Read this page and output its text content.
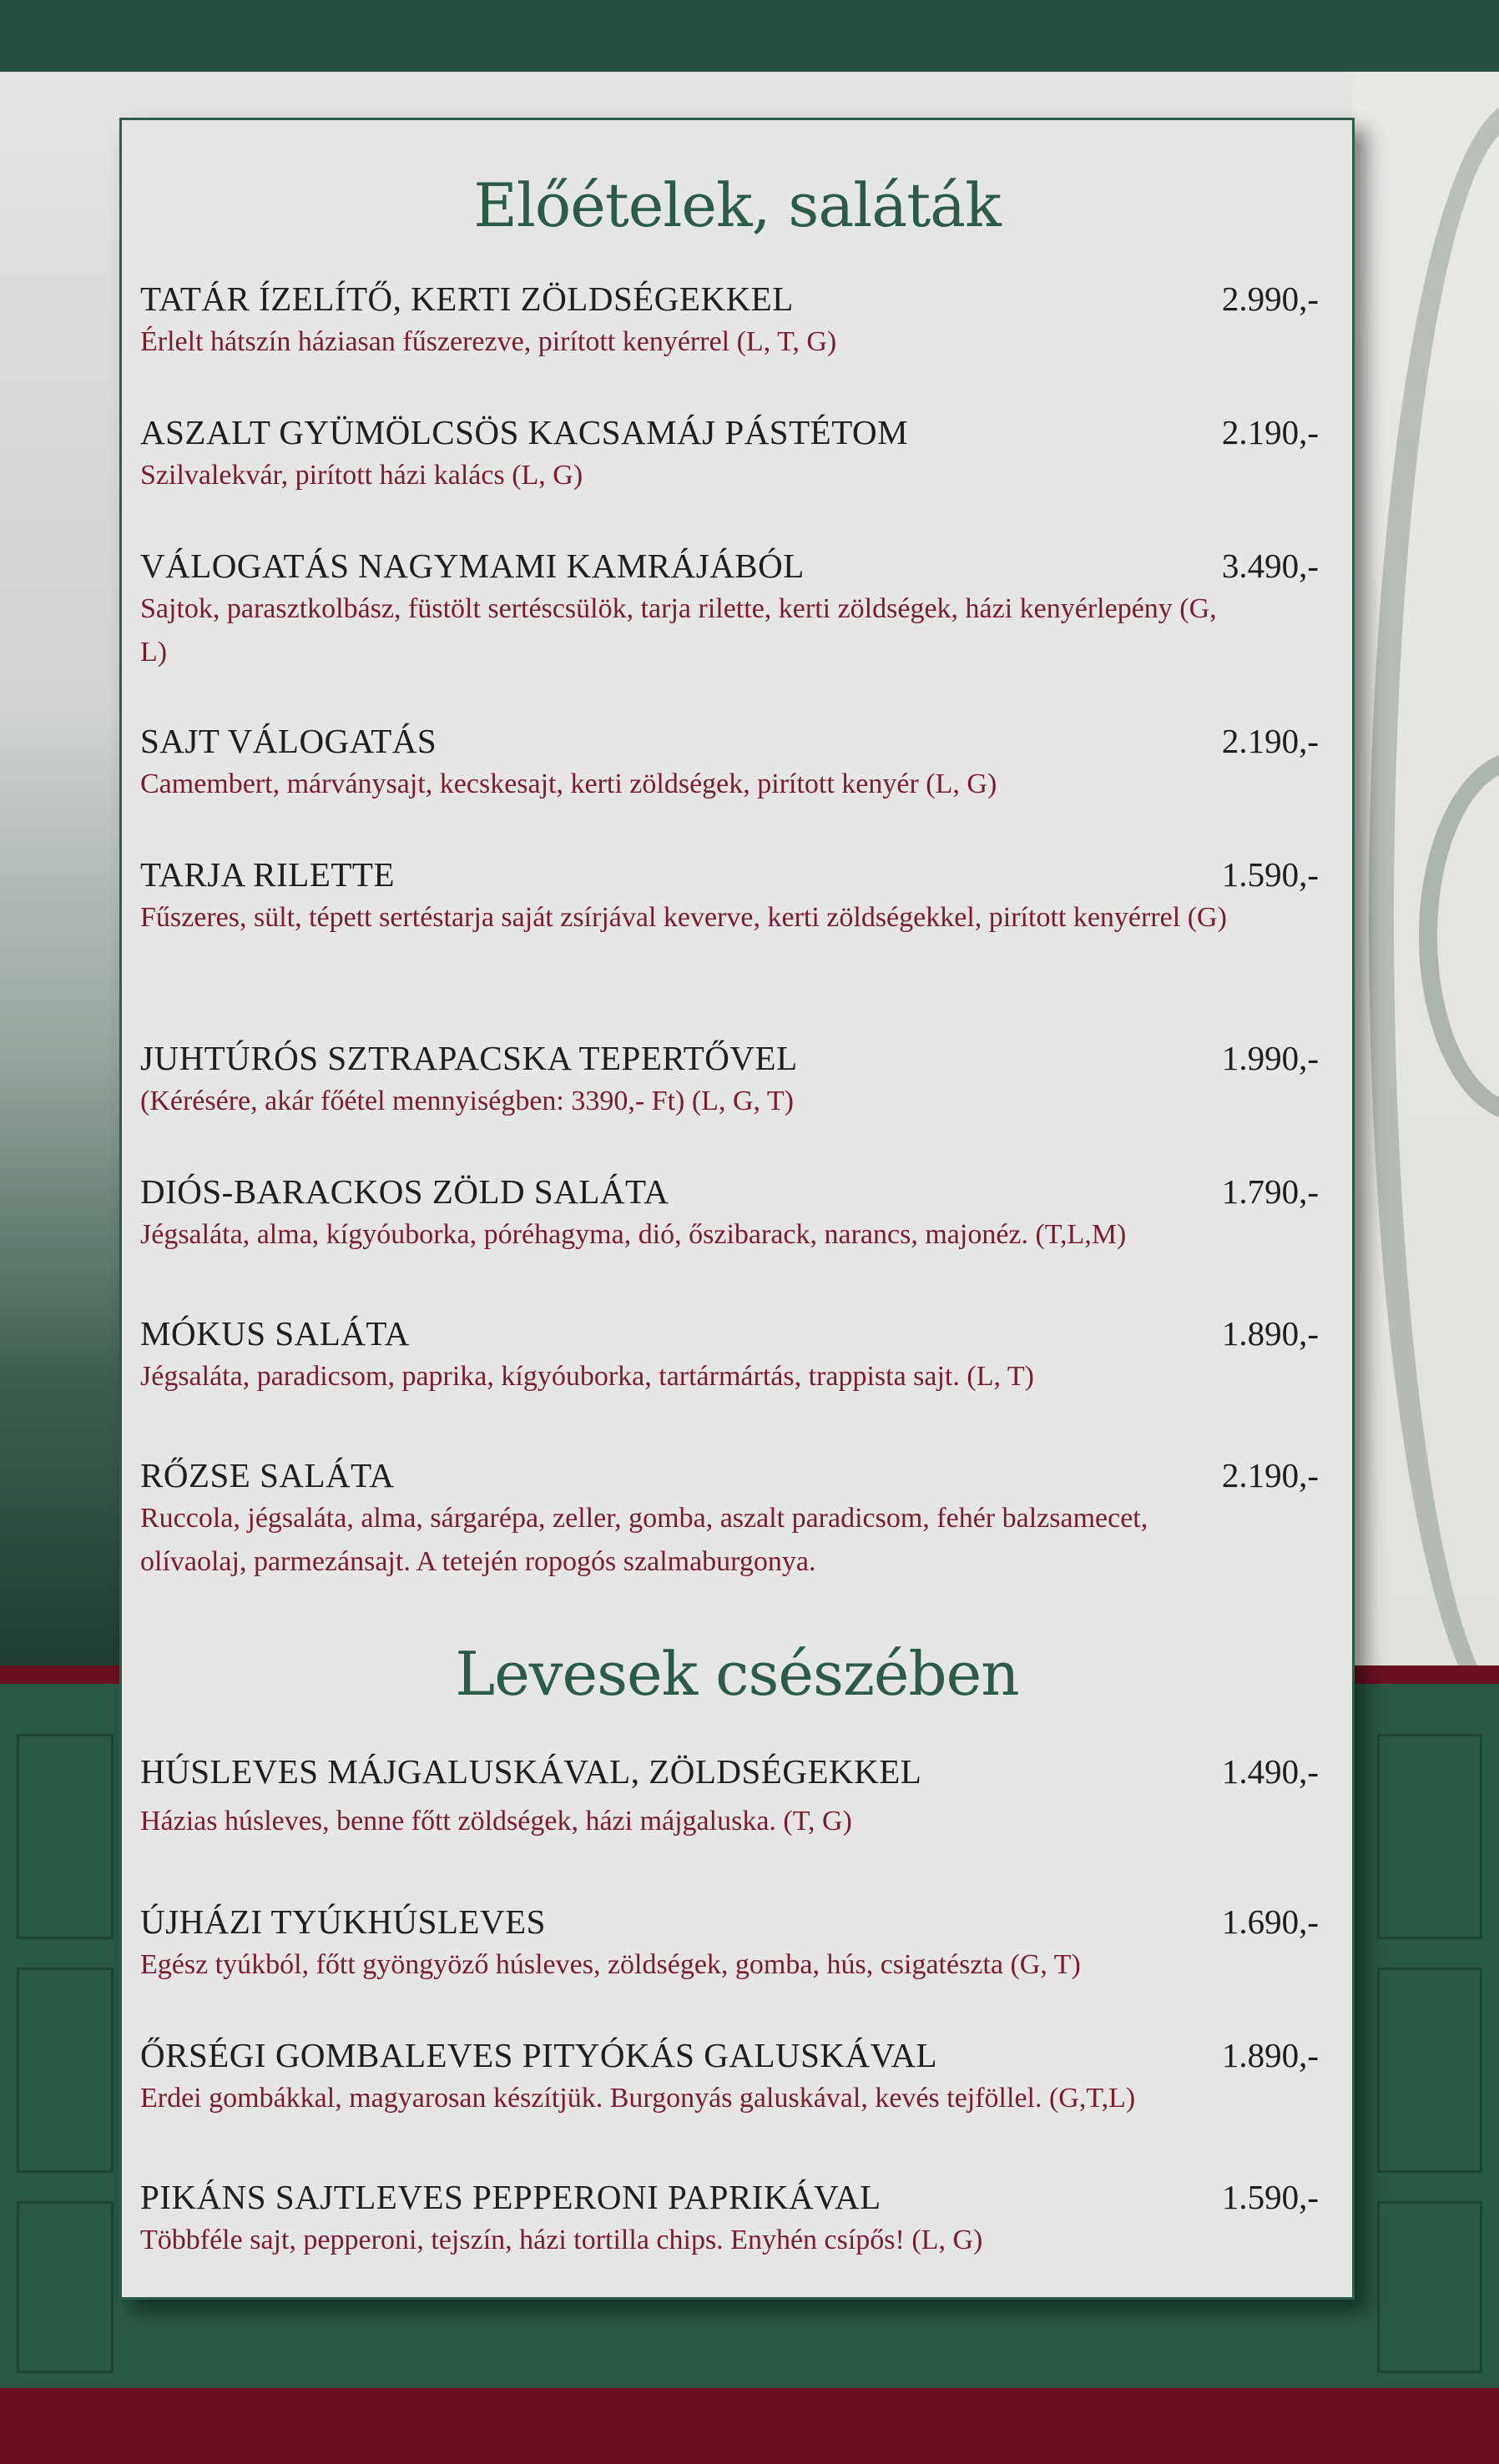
Előételek, saláták
TATÁR ÍZELÍTŐ, KERTI ZÖLDSÉGEKKEL	2.990,-
Érlelt hátszín háziasan fűszerezve, pirított kenyérrel (L, T, G)
ASZALT GYÜMÖLCSÖS KACSAMÁJ PÁSTÉTOM	2.190,-
Szilvalekvár, pirított házi kalács (L, G)
VÁLOGATÁS NAGYMAMI KAMRÁJÁBÓL	3.490,-
Sajtok, parasztkolbász, füstölt sertéscsülök, tarja rilette, kerti zöldségek, házi kenyérlepény (G, L)
SAJT VÁLOGATÁS	2.190,-
Camembert, márványsajt, kecskesajt, kerti zöldségek, pirított kenyér (L, G)
TARJA RILETTE	1.590,-
Fűszeres, sült, tépett sertéstarja saját zsírjával keverve, kerti zöldségekkel, pirított kenyérrel (G)
JUHTÚRÓS SZTRAPACSKA TEPERTŐVEL	1.990,-
(Kérésére, akár főétel mennyiségben: 3390,- Ft) (L, G, T)
DIÓS-BARACKOS ZÖLD SALÁTA	1.790,-
Jégsaláta, alma, kígyóuborka, póréhagyma, dió, őszibarack, narancs, majonéz. (T,L,M)
MÓKUS SALÁTA	1.890,-
Jégsaláta, paradicsom, paprika, kígyóuborka, tartármártás, trappista sajt. (L, T)
RŐZSE SALÁTA	2.190,-
Ruccola, jégsaláta, alma, sárgarépa, zeller, gomba, aszalt paradicsom, fehér balzsamecet, olívaolaj, parmezánsajt. A tetején ropogós szalmaburgonya.
Levesek csészében
HÚSLEVES MÁJGALUSKÁVAL, ZÖLDSÉGEKKEL	1.490,-
Házias húsleves, benne főtt zöldségek, házi májgaluska. (T, G)
ÚJHÁZI TYÚKHÚSLEVES	1.690,-
Egész tyúkból, főtt gyöngyöző húsleves, zöldségek, gomba, hús, csigatészta (G, T)
ŐRSÉGI GOMBALEVES PITYÓKÁS GALUSKÁVAL	1.890,-
Erdei gombákkal, magyarosan készítjük. Burgonyás galuskával, kevés tejföllel. (G,T,L)
PIKÁNS SAJTLEVES PEPPERONI PAPRIKÁVAL	1.590,-
Többféle sajt, pepperoni, tejszín, házi tortilla chips. Enyhén csípős! (L, G)
